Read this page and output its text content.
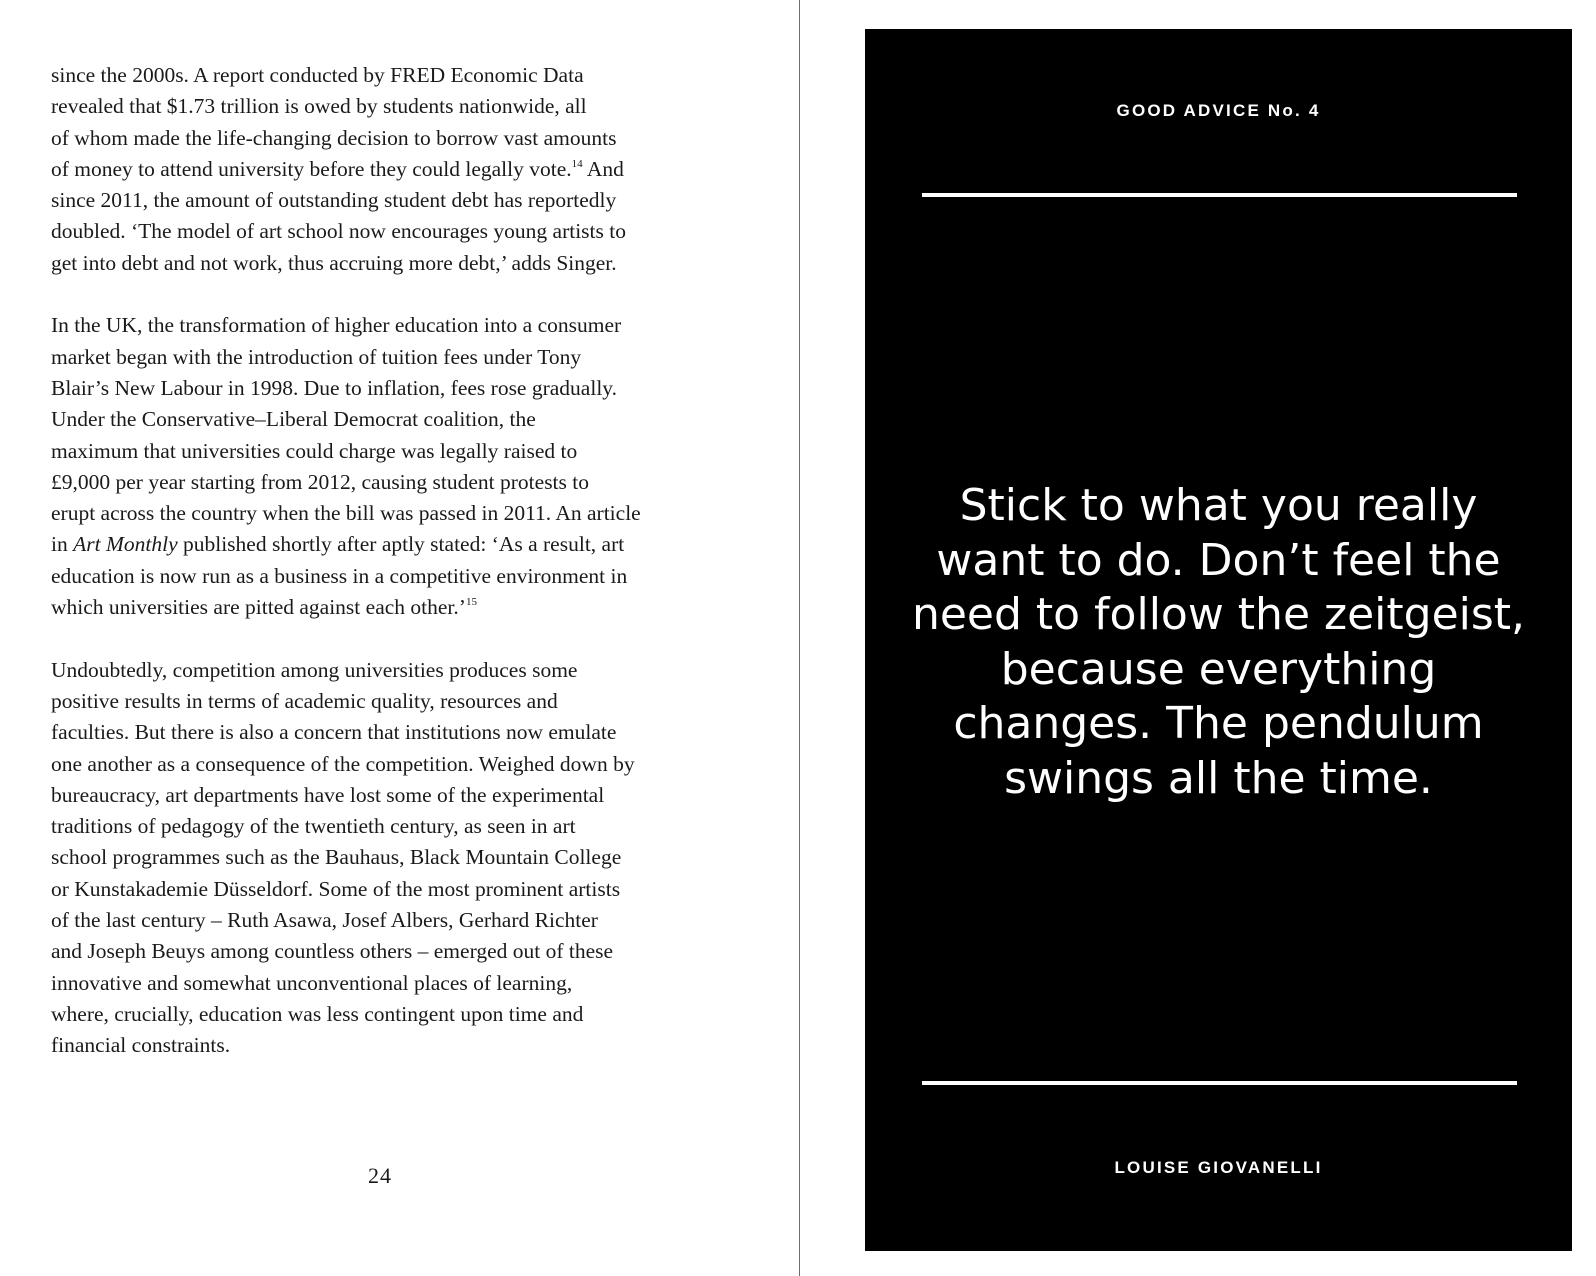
since the 2000s. A report conducted by FRED Economic Data
revealed that $1.73 trillion is owed by students nationwide, all
of whom made the life-changing decision to borrow vast amounts
of money to attend university before they could legally vote.$^{14}$ And
since 2011, the amount of outstanding student debt has reportedly
doubled. ‘The model of art school now encourages young artists to
get into debt and not work, thus accruing more debt,’ adds Singer.

In the UK, the transformation of higher education into a consumer
market began with the introduction of tuition fees under Tony
Blair’s New Labour in 1998. Due to inflation, fees rose gradually.
Under the Conservative–Liberal Democrat coalition, the
maximum that universities could charge was legally raised to
£9,000 per year starting from 2012, causing student protests to
erupt across the country when the bill was passed in 2011. An article
in Art Monthly published shortly after aptly stated: ‘As a result, art
education is now run as a business in a competitive environment in
which universities are pitted against each other.’$^{15}$

Undoubtedly, competition among universities produces some
positive results in terms of academic quality, resources and
faculties. But there is also a concern that institutions now emulate
one another as a consequence of the competition. Weighed down by
bureaucracy, art departments have lost some of the experimental
traditions of pedagogy of the twentieth century, as seen in art
school programmes such as the Bauhaus, Black Mountain College
or Kunstakademie Düsseldorf. Some of the most prominent artists
of the last century – Ruth Asawa, Josef Albers, Gerhard Richter
and Joseph Beuys among countless others – emerged out of these
innovative and somewhat unconventional places of learning,
where, crucially, education was less contingent upon time and
financial constraints.

24
GOOD ADVICE No. 4
Stick to what you really
want to do. Don’t feel the
need to follow the zeitgeist,
because everything
changes. The pendulum
swings all the time.
LOUISE GIOVANELLI
